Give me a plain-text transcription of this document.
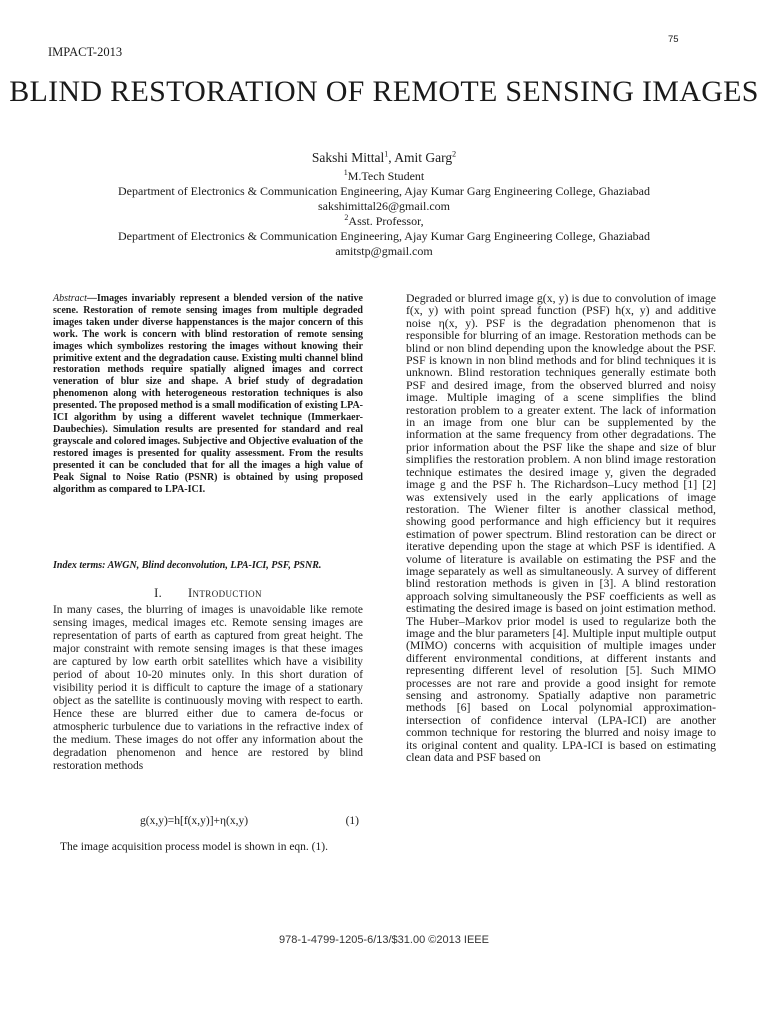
75
IMPACT-2013
BLIND RESTORATION OF REMOTE SENSING IMAGES
Sakshi Mittal$^1$, Amit Garg$^2$
$^1$M.Tech Student
Department of Electronics & Communication Engineering, Ajay Kumar Garg Engineering College, Ghaziabad
sakshimittal26@gmail.com
$^2$Asst. Professor,
Department of Electronics & Communication Engineering, Ajay Kumar Garg Engineering College, Ghaziabad
amitstp@gmail.com
Abstract—Images invariably represent a blended version of the native scene. Restoration of remote sensing images from multiple degraded images taken under diverse happenstances is the major concern of this work. The work is concern with blind restoration of remote sensing images which symbolizes restoring the images without knowing their primitive extent and the degradation cause. Existing multi channel blind restoration methods require spatially aligned images and correct veneration of blur size and shape. A brief study of degradation phenomenon along with heterogeneous restoration techniques is also presented. The proposed method is a small modification of existing LPA-ICI algorithm by using a different wavelet technique (Immerkaer-Daubechies). Simulation results are presented for standard and real grayscale and colored images. Subjective and Objective evaluation of the restored images is presented for quality assessment. From the results presented it can be concluded that for all the images a high value of Peak Signal to Noise Ratio (PSNR) is obtained by using proposed algorithm as compared to LPA-ICI.
Index terms: AWGN, Blind deconvolution, LPA-ICI, PSF, PSNR.
I.  Introduction
In many cases, the blurring of images is unavoidable like remote sensing images, medical images etc. Remote sensing images are representation of parts of earth as captured from great height. The major constraint with remote sensing images is that these images are captured by low earth orbit satellites which have a visibility period of about 10-20 minutes only. In this short duration of visibility period it is difficult to capture the image of a stationary object as the satellite is continuously moving with respect to earth. Hence these are blurred either due to camera de-focus or atmospheric turbulence due to variations in the refractive index of the medium. These images do not offer any information about the degradation phenomenon and hence are restored by blind restoration methods
g(x,y)=h[f(x,y)]+η(x,y)	(1)
The image acquisition process model is shown in eqn. (1).
Degraded or blurred image g(x, y) is due to convolution of image f(x, y) with point spread function (PSF) h(x, y) and additive noise η(x, y). PSF is the degradation phenomenon that is responsible for blurring of an image. Restoration methods can be blind or non blind depending upon the knowledge about the PSF. PSF is known in non blind methods and for blind techniques it is unknown. Blind restoration techniques generally estimate both PSF and desired image, from the observed blurred and noisy image. Multiple imaging of a scene simplifies the blind restoration problem to a greater extent. The lack of information in an image from one blur can be supplemented by the information at the same frequency from other degradations. The prior information about the PSF like the shape and size of blur simplifies the restoration problem. A non blind image restoration technique estimates the desired image y, given the degraded image g and the PSF h. The Richardson–Lucy method [1] [2] was extensively used in the early applications of image restoration. The Wiener filter is another classical method, showing good performance and high efficiency but it requires estimation of power spectrum. Blind restoration can be direct or iterative depending upon the stage at which PSF is identified. A volume of literature is available on estimating the PSF and the image separately as well as simultaneously. A survey of different blind restoration methods is given in [3]. A blind restoration approach solving simultaneously the PSF coefficients as well as estimating the desired image is based on joint estimation method. The Huber–Markov prior model is used to regularize both the image and the blur parameters [4]. Multiple input multiple output (MIMO) concerns with acquisition of multiple images under different environmental conditions, at different instants and representing different level of resolution [5]. Such MIMO processes are not rare and provide a good insight for remote sensing and astronomy. Spatially adaptive non parametric methods [6] based on Local polynomial approximation-intersection of confidence interval (LPA-ICI) are another common technique for restoring the blurred and noisy image to its original content and quality. LPA-ICI is based on estimating clean data and PSF based on
978-1-4799-1205-6/13/$31.00 ©2013 IEEE
